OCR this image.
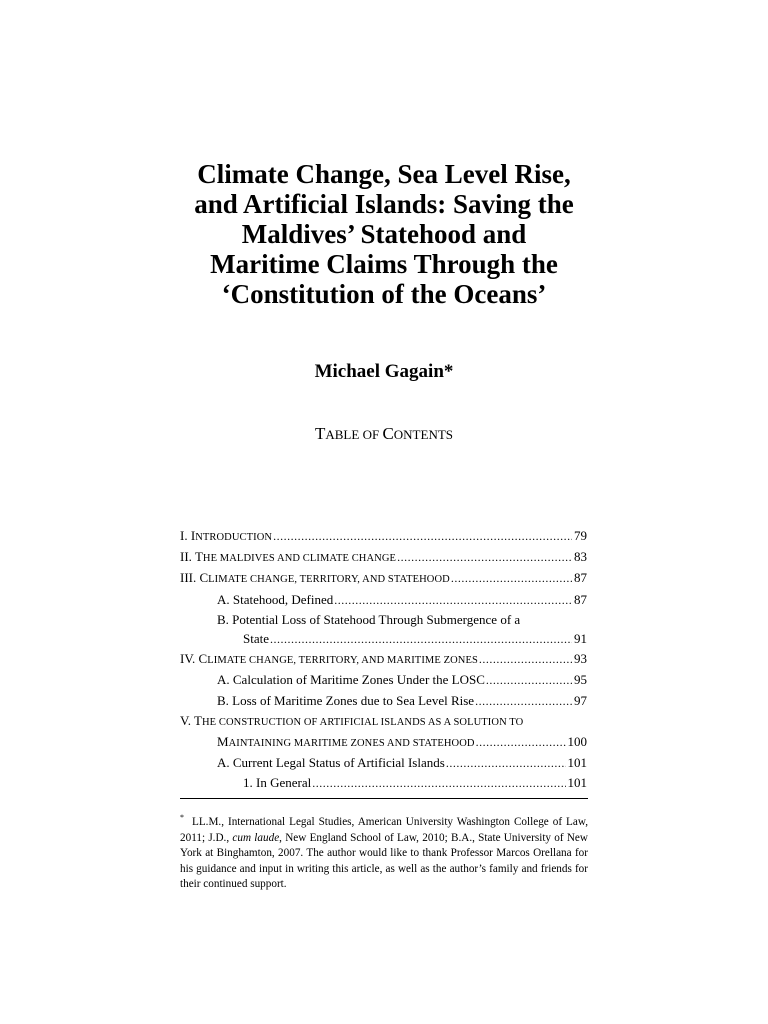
Climate Change, Sea Level Rise,
and Artificial Islands: Saving the
Maldives’ Statehood and
Maritime Claims Through the
‘Constitution of the Oceans’
Michael Gagain*
TABLE OF CONTENTS
I. INTRODUCTION .....	79
II. THE MALDIVES AND CLIMATE CHANGE .....	83
III. CLIMATE CHANGE, TERRITORY, AND STATEHOOD .....	87
A. Statehood, Defined .....	87
B. Potential Loss of Statehood Through Submergence of a
State .....	91
IV. CLIMATE CHANGE, TERRITORY, AND MARITIME ZONES .....	93
A. Calculation of Maritime Zones Under the LOSC .....	95
B. Loss of Maritime Zones due to Sea Level Rise .....	97
V. THE CONSTRUCTION OF ARTIFICIAL ISLANDS AS A SOLUTION TO
MAINTAINING MARITIME ZONES AND STATEHOOD .....	100
A. Current Legal Status of Artificial Islands .....	101
1. In General .....	101
* LL.M., International Legal Studies, American University Washington College of Law, 2011; J.D., cum laude, New England School of Law, 2010; B.A., State University of New York at Binghamton, 2007. The author would like to thank Professor Marcos Orellana for his guidance and input in writing this article, as well as the author’s family and friends for their continued support.
